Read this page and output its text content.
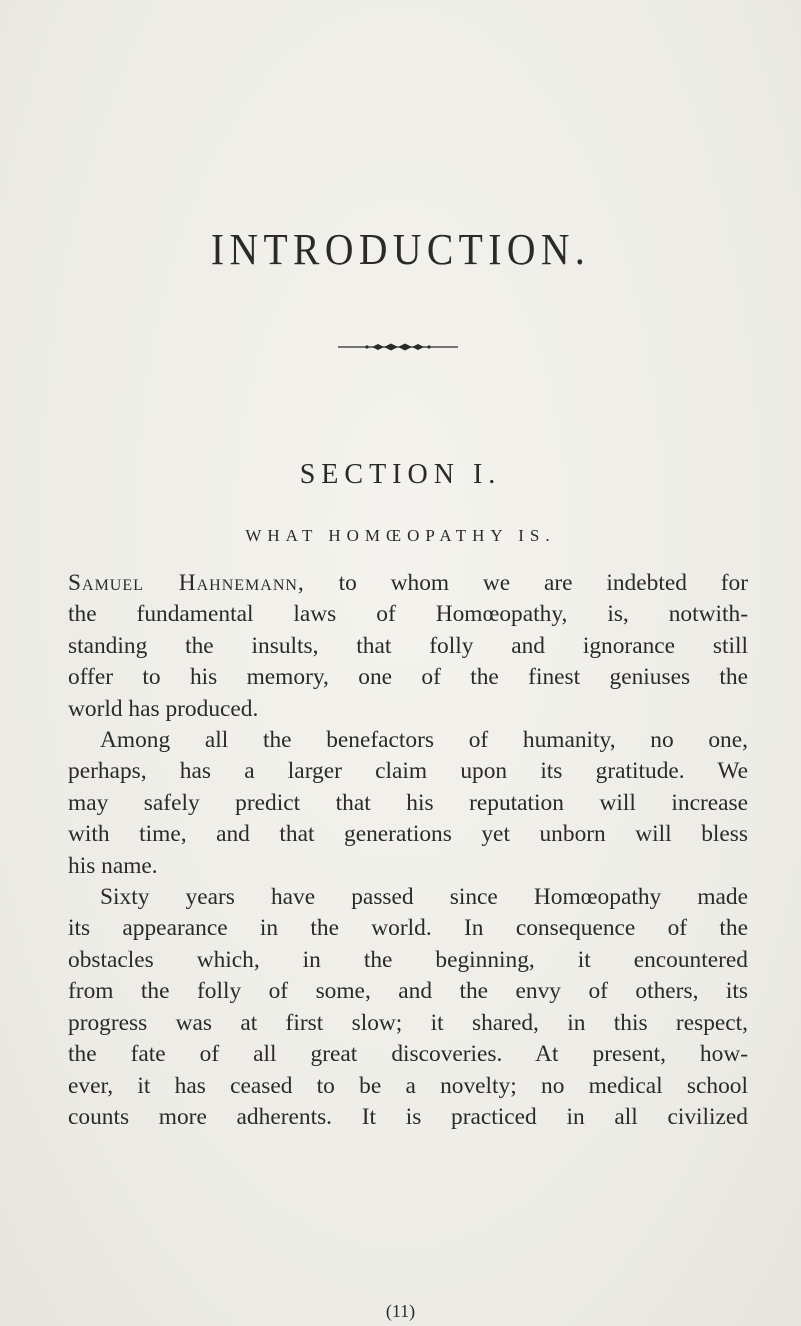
INTRODUCTION.
SECTION I.
WHAT HOMŒOPATHY IS.
Samuel Hahnemann, to whom we are indebted for
the fundamental laws of Homœopathy, is, notwith-
standing the insults, that folly and ignorance still
offer to his memory, one of the finest geniuses the
world has produced.
Among all the benefactors of humanity, no one,
perhaps, has a larger claim upon its gratitude. We
may safely predict that his reputation will increase
with time, and that generations yet unborn will bless
his name.
Sixty years have passed since Homœopathy made
its appearance in the world. In consequence of the
obstacles which, in the beginning, it encountered
from the folly of some, and the envy of others, its
progress was at first slow; it shared, in this respect,
the fate of all great discoveries. At present, how-
ever, it has ceased to be a novelty; no medical school
counts more adherents. It is practiced in all civilized
(11)
